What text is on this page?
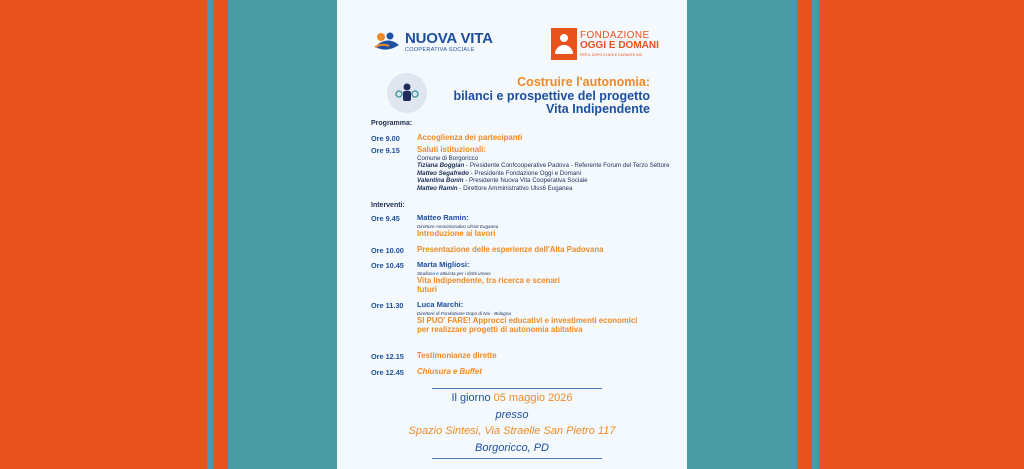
NUOVA VITA
COOPERATIVA SOCIALE
FONDAZIONE
OGGI E DOMANI
PER IL DOPO DI NOI E DURANTE NOI
Costruire l'autonomia:
bilanci e prospettive del progetto
Vita Indipendente
Programma:
Ore 9.00	Accoglienza dei partecipanti
Ore 9.15	Saluti istituzionali:
Comune di Borgoricco
Tiziana Boggian - Presidente Confcooperative Padova - Referente Forum del Terzo Settore
Matteo Segafredo - Presidente Fondazione Oggi e Domani
Valentina Bonin - Presidente Nuova Vita Cooperativa Sociale
Matteo Ramin - Direttore Amministrativo Ulss6 Euganea
Interventi:
Ore 9.45	Matteo Ramin:
Direttore Amministrativo Ulss6 Euganea
Introduzione ai lavori
Ore 10.00	Presentazione delle esperienze dell'Alta Padovana
Ore 10.45	Marta Migliosi:
Studiosa e attivista per i diritti umani
Vita Indipendente, tra ricerca e scenari futuri
Ore 11.30	Luca Marchi:
Direttore di Fondazione Dopo di Noi - Bologna
SI PUO' FARE! Approcci educativi e investimenti economici per realizzare progetti di autonomia abitativa
Ore 12.15	Testimonianze dirette
Ore 12.45	Chiusura e Buffet
Il giorno 05 maggio 2026
presso
Spazio Sintesi, Via Straelle San Pietro 117
Borgoricco, PD
